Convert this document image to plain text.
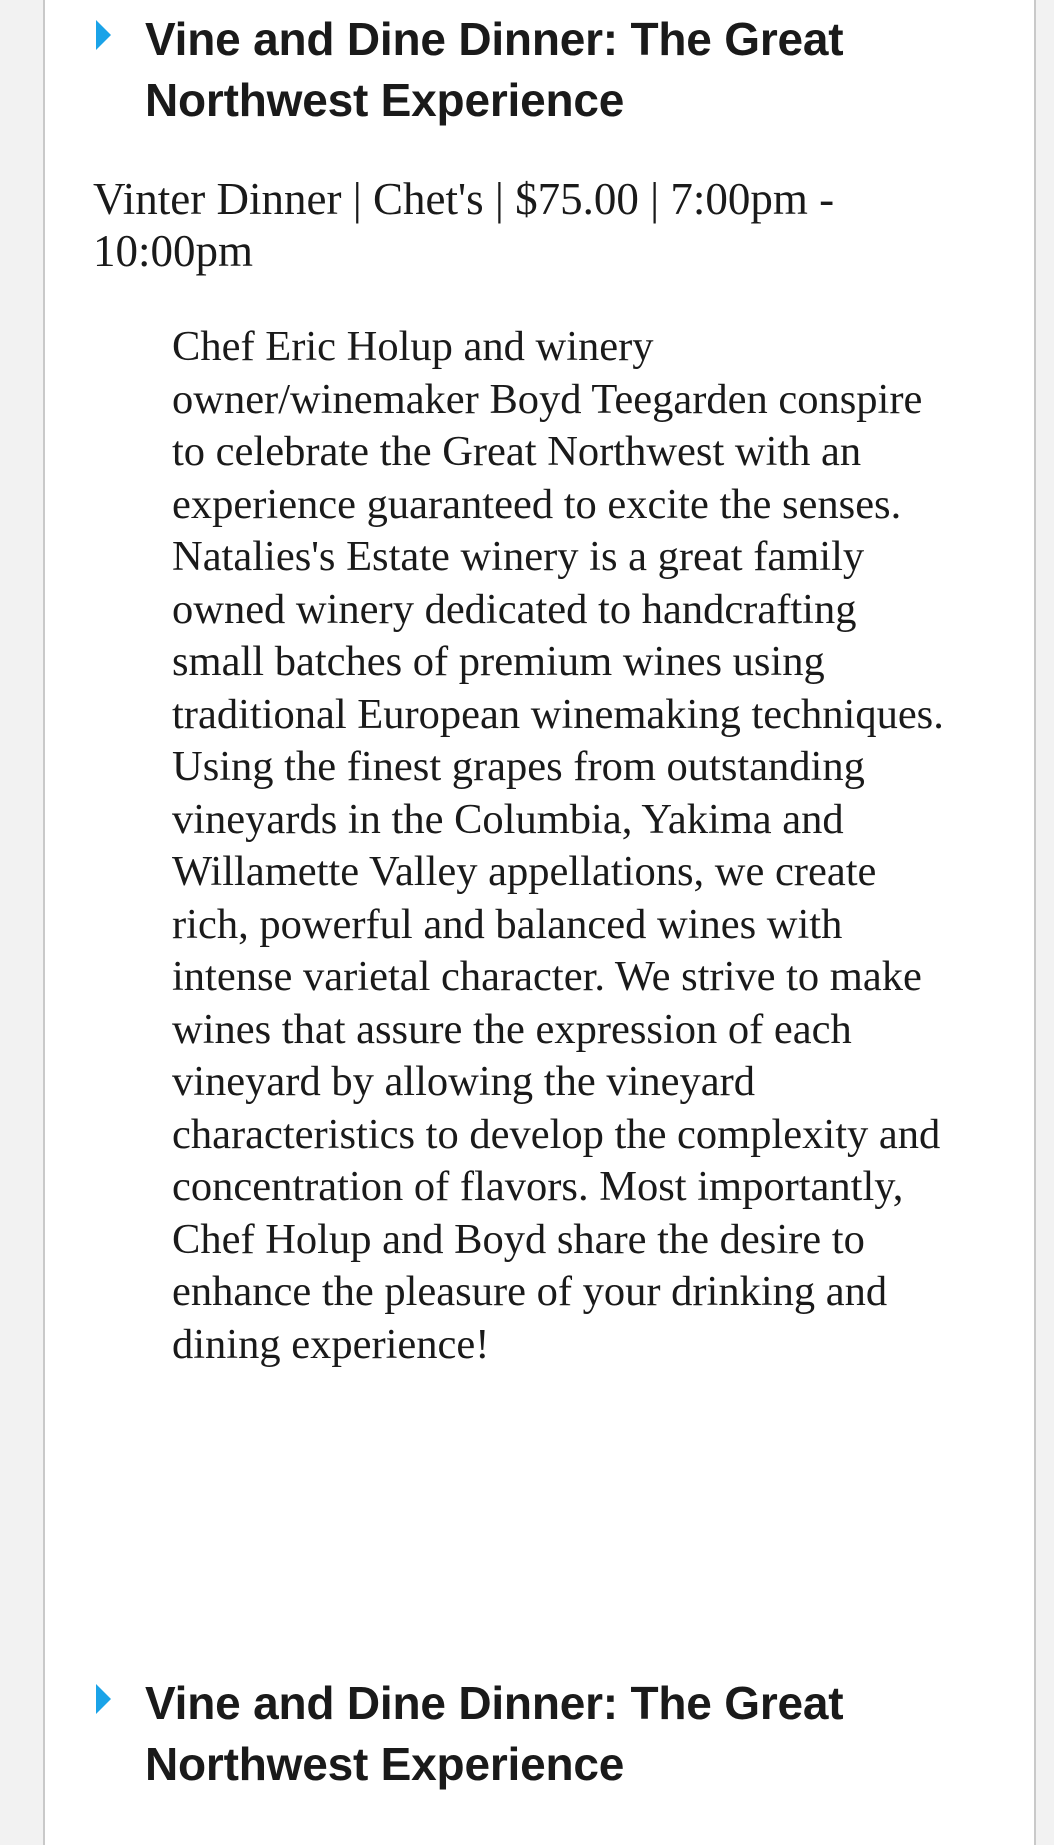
Vine and Dine Dinner: The Great Northwest Experience
Vinter Dinner | Chet's | $75.00 | 7:00pm - 10:00pm
Chef Eric Holup and winery owner/winemaker Boyd Teegarden conspire to celebrate the Great Northwest with an experience guaranteed to excite the senses. Natalies's Estate winery is a great family owned winery dedicated to handcrafting small batches of premium wines using traditional European winemaking techniques. Using the finest grapes from outstanding vineyards in the Columbia, Yakima and Willamette Valley appellations, we create rich, powerful and balanced wines with intense varietal character. We strive to make wines that assure the expression of each vineyard by allowing the vineyard characteristics to develop the complexity and concentration of flavors. Most importantly, Chef Holup and Boyd share the desire to enhance the pleasure of your drinking and dining experience!
Vine and Dine Dinner: The Great Northwest Experience
